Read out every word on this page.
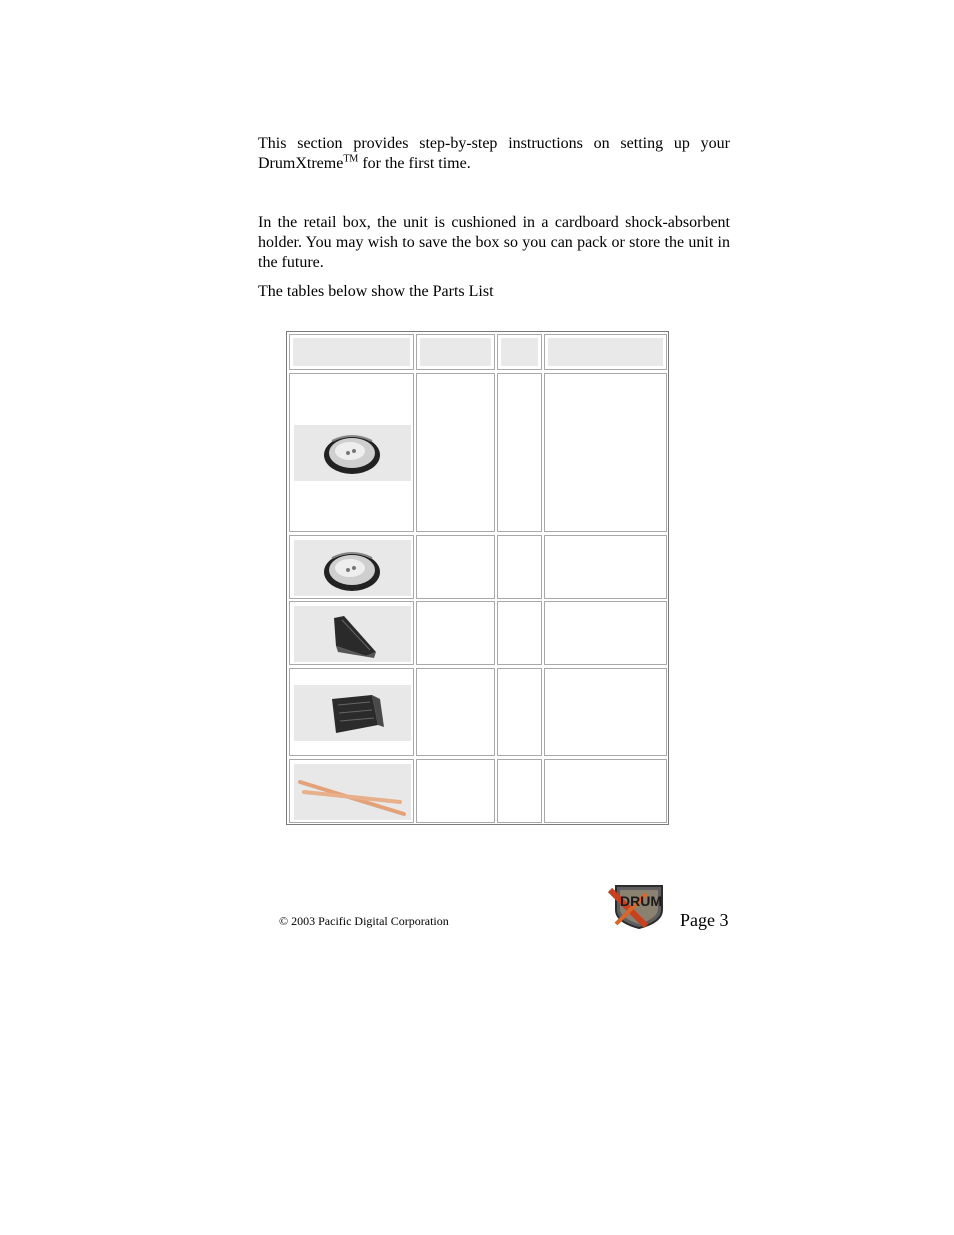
This section provides step-by-step instructions on setting up your DrumXtreme™ for the first time.

In the retail box, the unit is cushioned in a cardboard shock-absorbent holder. You may wish to save the box so you can pack or store the unit in the future.

The tables below show the Parts List

© 2003 Pacific Digital Corporation
DRUM
Page 3
